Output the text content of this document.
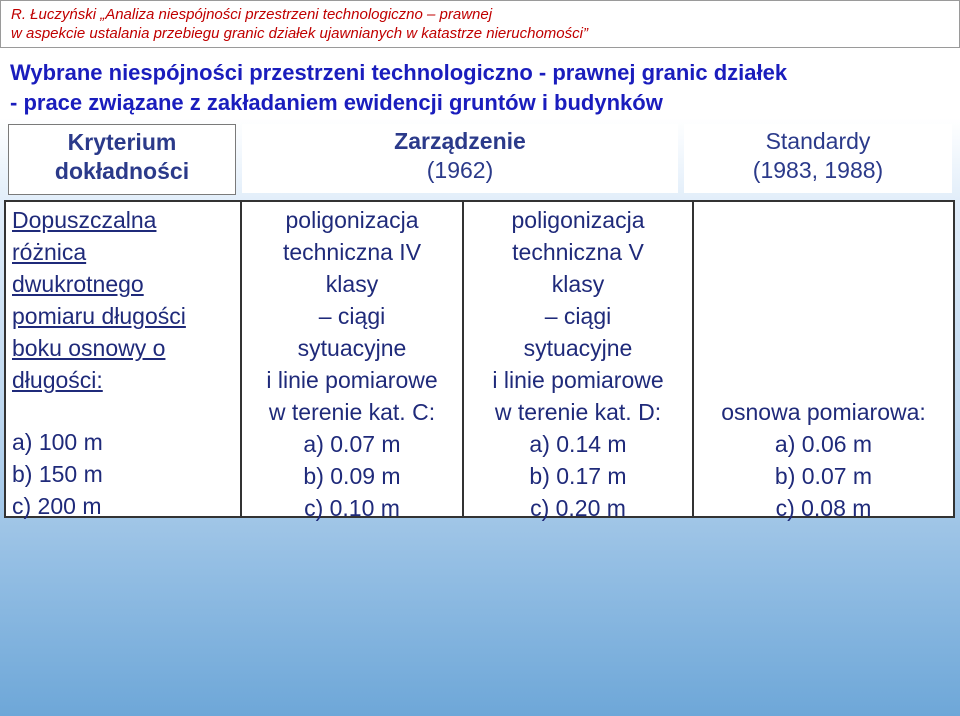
R. Łuczyński „Analiza niespójności przestrzeni technologiczno – prawnej
w aspekcie ustalania przebiegu granic działek ujawnianych w katastrze nieruchomości”
Wybrane niespójności przestrzeni technologiczno - prawnej granic działek
- prace związane z zakładaniem ewidencji gruntów i budynków
Kryterium
dokładności
Zarządzenie
(1962)
Standardy
(1983, 1988)
Dopuszczalna
różnica
dwukrotnego
pomiaru długości
boku osnowy o
długości:
a) 100 m
b) 150 m
c) 200 m
poligonizacja
techniczna IV
klasy
– ciągi
sytuacyjne
i linie pomiarowe
w terenie kat. C:
a) 0.07 m
b) 0.09 m
c) 0.10 m
poligonizacja
techniczna V
klasy
– ciągi
sytuacyjne
i linie pomiarowe
w terenie kat. D:
a) 0.14 m
b) 0.17 m
c) 0.20 m
osnowa pomiarowa:
a) 0.06 m
b) 0.07 m
c) 0.08 m
